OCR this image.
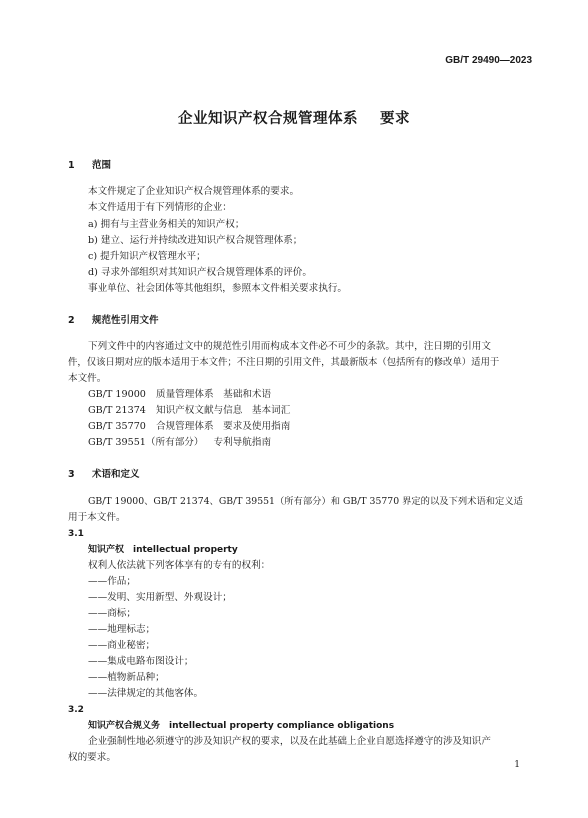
GB/T 29490—2023
企业知识产权合规管理体系 要求
1 范围
本文件规定了企业知识产权合规管理体系的要求。
本文件适用于有下列情形的企业：
a) 拥有与主营业务相关的知识产权；
b) 建立、运行并持续改进知识产权合规管理体系；
c) 提升知识产权管理水平；
d) 寻求外部组织对其知识产权合规管理体系的评价。
事业单位、社会团体等其他组织，参照本文件相关要求执行。
2 规范性引用文件
下列文件中的内容通过文中的规范性引用而构成本文件必不可少的条款。其中，注日期的引用文
件，仅该日期对应的版本适用于本文件；不注日期的引用文件，其最新版本（包括所有的修改单）适用于
本文件。
GB/T 19000 质量管理体系　基础和术语
GB/T 21374 知识产权文献与信息　基本词汇
GB/T 35770 合规管理体系　要求及使用指南
GB/T 39551（所有部分） 专利导航指南
3 术语和定义
GB/T 19000、GB/T 21374、GB/T 39551（所有部分）和 GB/T 35770 界定的以及下列术语和定义适
用于本文件。
3.1
知识产权　intellectual property
权利人依法就下列客体享有的专有的权利：
——作品；
——发明、实用新型、外观设计；
——商标；
——地理标志；
——商业秘密；
——集成电路布图设计；
——植物新品种；
——法律规定的其他客体。
3.2
知识产权合规义务　intellectual property compliance obligations
企业强制性地必须遵守的涉及知识产权的要求，以及在此基础上企业自愿选择遵守的涉及知识产
权的要求。
1
